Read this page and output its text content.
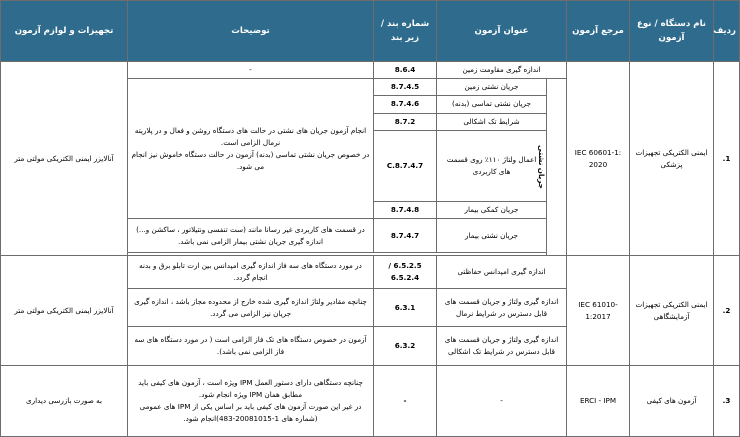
ردیف	نام دستگاه / نوع آزمون	مرجع آزمون	عنوان آزمون		شماره بند / زیر بند	توضیحات	تجهیزات و لوازم آزمون
1.	ایمنی الکتریکی تجهیزات پزشکی	IEC 60601-1: 2020	اندازه گیری مقاومت زمین		8.6.4	-	آنالایزر ایمنی الکتریکی مولتی متر
			جریان نشتی	جریان نشتی زمین	8.7.4.5	انجام آزمون جریان های نشتی در حالت های دستگاه روشن و فعال و در پلاریته نرمال الزامی است.
در خصوص جریان نشتی تماسی (بدنه) آزمون در حالت دستگاه خاموش نیز انجام می شود.	

				جریان نشتی تماسی (بدنه)	8.7.4.6		
				شرایط تک اشکالی	8.7.2		
				اعمال ولتاژ ۱۱۰٪ روی قسمت های کاربردی	8.7.4.7.C		
				جریان کمکی بیمار	8.7.4.8		
				جریان نشتی بیمار	8.7.4.7	در قسمت های کاربردی غیر رسانا مانند (ست تنفسی ونتیلاتور ، ساکشن و...) اندازه گیری جریان نشتی بیمار الزامی نمی باشد.	

2.	ایمنی الکتریکی تجهیزات آزمایشگاهی	IEC 61010-1:2017	اندازه گیری امپدانس حفاظتی		6.5.2.5 / 6.5.2.4	در مورد دستگاه های سه فاز اندازه گیری امپدانس بین ارت تابلو برق و بدنه انجام گردد.	آنالایزر ایمنی الکتریکی مولتی متر
			اندازه گیری ولتاژ و جریان قسمت های قابل دسترس در شرایط نرمال		6.3.1	چنانچه مقادیر ولتاژ اندازه گیری شده خارج از محدوده مجاز باشد ، اندازه گیری جریان نیز الزامی می گردد.	
			اندازه گیری ولتاژ و جریان قسمت های قابل دسترس در شرایط تک اشکالی		6.3.2	آزمون در خصوص دستگاه های تک فاز الزامی است ( در مورد دستگاه های سه فاز الزامی نمی باشد).	
3.	آزمون های کیفی	ERCI - IPM	-		-	چنانچه دستگاهی دارای دستور العمل IPM ویژه است ، آزمون های کیفی باید مطابق همان IPM ویژه انجام شود.
در غیر این صورت آزمون های کیفی باید بر اساس یکی از IPM های عمومی (شماره های 1-20081015-483)انجام شود.	به صورت بازرسی دیداری
